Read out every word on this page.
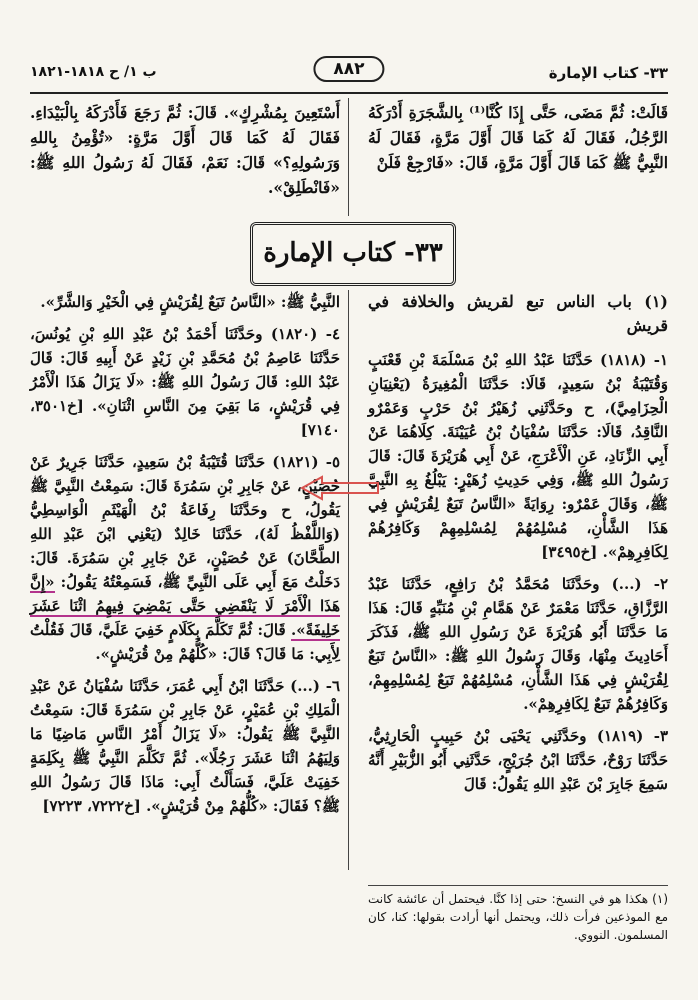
٣٣- كتاب الإمارة
٨٨٢
ب ١/ ح ١٨١٨-١٨٢١
قَالَتْ: ثُمَّ مَضَى، حَتَّى إِذَا كُنَّا⁽¹⁾ بِالشَّجَرَةِ أَدْرَكَهُ الرَّجُلُ، فَقَالَ لَهُ كَمَا قَالَ أَوَّلَ مَرَّةٍ، فَقَالَ لَهُ النَّبِيُّ ﷺ كَمَا قَالَ أَوَّلَ مَرَّةٍ، قَالَ: «فَارْجِعْ فَلَنْ
أَسْتَعِينَ بِمُشْرِكٍ». قَالَ: ثُمَّ رَجَعَ فَأَدْرَكَهُ بِالْبَيْدَاءِ. فَقَالَ لَهُ كَمَا قَالَ أَوَّلَ مَرَّةٍ: «تُؤْمِنُ بِاللهِ وَرَسُولِهِ؟» قَالَ: نَعَمْ، فَقَالَ لَهُ رَسُولُ اللهِ ﷺ: «فَانْطَلِقْ».
٣٣- كتاب الإمارة

(١) باب الناس تبع لقريش والخلافة في قريش

١- (١٨١٨) حَدَّثَنَا عَبْدُ اللهِ بْنُ مَسْلَمَةَ بْنِ قَعْنَبٍ وَقُتَيْبَةُ بْنُ سَعِيدٍ، قَالَا: حَدَّثَنَا الْمُغِيرَةُ (يَعْنِيَانِ الْحِزَامِيَّ)، ح وحَدَّثَنِي زُهَيْرُ بْنُ حَرْبٍ وَعَمْرٌو النَّاقِدُ، قَالَا: حَدَّثَنَا سُفْيَانُ بْنُ عُيَيْنَةَ. كِلَاهُمَا عَنْ أَبِي الزِّنَادِ، عَنِ الْأَعْرَجِ، عَنْ أَبِي هُرَيْرَةَ قَالَ: قَالَ رَسُولُ اللهِ ﷺ، وَفِي حَدِيثِ زُهَيْرٍ: يَبْلُغُ بِهِ النَّبِيَّ ﷺ، وَقَالَ عَمْرٌو: رِوَايَةً «النَّاسُ تَبَعٌ لِقُرَيْشٍ فِي هَذَا الشَّأْنِ، مُسْلِمُهُمْ لِمُسْلِمِهِمْ وَكَافِرُهُمْ لِكَافِرِهِمْ». [خ٣٤٩٥]

٢- (...) وحَدَّثَنَا مُحَمَّدُ بْنُ رَافِعٍ، حَدَّثَنَا عَبْدُ الرَّزَّاقِ، حَدَّثَنَا مَعْمَرٌ عَنْ هَمَّامِ بْنِ مُنَبِّهٍ قَالَ: هَذَا مَا حَدَّثَنَا أَبُو هُرَيْرَةَ عَنْ رَسُولِ اللهِ ﷺ، فَذَكَرَ أَحَادِيثَ مِنْهَا، وَقَالَ رَسُولُ اللهِ ﷺ: «النَّاسُ تَبَعٌ لِقُرَيْشٍ فِي هَذَا الشَّأْنِ، مُسْلِمُهُمْ تَبَعٌ لِمُسْلِمِهِمْ، وَكَافِرُهُمْ تَبَعٌ لِكَافِرِهِمْ».

٣- (١٨١٩) وحَدَّثَنِي يَحْيَى بْنُ حَبِيبٍ الْحَارِثِيُّ، حَدَّثَنَا رَوْحٌ، حَدَّثَنَا ابْنُ جُرَيْجٍ، حَدَّثَنِي أَبُو الزُّبَيْرِ أَنَّهُ سَمِعَ جَابِرَ بْنَ عَبْدِ اللهِ يَقُولُ: قَالَ

النَّبِيُّ ﷺ: «النَّاسُ تَبَعٌ لِقُرَيْشٍ فِي الْخَيْرِ وَالشَّرِّ».

٤- (١٨٢٠) وحَدَّثَنَا أَحْمَدُ بْنُ عَبْدِ اللهِ بْنِ يُونُسَ، حَدَّثَنَا عَاصِمُ بْنُ مُحَمَّدِ بْنِ زَيْدٍ عَنْ أَبِيهِ قَالَ: قَالَ عَبْدُ اللهِ: قَالَ رَسُولُ اللهِ ﷺ: «لَا يَزَالُ هَذَا الْأَمْرُ فِي قُرَيْشٍ، مَا بَقِيَ مِنَ النَّاسِ اثْنَانِ». [خ٣٥٠١، ٧١٤٠]

٥- (١٨٢١) حَدَّثَنَا قُتَيْبَةُ بْنُ سَعِيدٍ، حَدَّثَنَا جَرِيرٌ عَنْ حُصَيْنٍ، عَنْ جَابِرِ بْنِ سَمُرَةَ قَالَ: سَمِعْتُ النَّبِيَّ ﷺ يَقُولُ، ح وحَدَّثَنَا رِفَاعَةُ بْنُ الْهَيْثَمِ الْوَاسِطِيُّ (وَاللَّفْظُ لَهُ)، حَدَّثَنَا خَالِدٌ (يَعْنِي ابْنَ عَبْدِ اللهِ الطَّحَّانَ) عَنْ حُصَيْنٍ، عَنْ جَابِرِ بْنِ سَمُرَةَ. قَالَ: دَخَلْتُ مَعَ أَبِي عَلَى النَّبِيِّ ﷺ، فَسَمِعْتُهُ يَقُولُ: «إِنَّ هَذَا الْأَمْرَ لَا يَنْقَضِي حَتَّى يَمْضِيَ فِيهِمُ اثْنَا عَشَرَ خَلِيفَةً». قَالَ: ثُمَّ تَكَلَّمَ بِكَلَامٍ خَفِيَ عَلَيَّ، قَالَ فَقُلْتُ لِأَبِي: مَا قَالَ؟ قَالَ: «كُلُّهُمْ مِنْ قُرَيْشٍ».

٦- (...) حَدَّثَنَا ابْنُ أَبِي عُمَرَ، حَدَّثَنَا سُفْيَانُ عَنْ عَبْدِ الْمَلِكِ بْنِ عُمَيْرٍ، عَنْ جَابِرِ بْنِ سَمُرَةَ قَالَ: سَمِعْتُ النَّبِيَّ ﷺ يَقُولُ: «لَا يَزَالُ أَمْرُ النَّاسِ مَاضِيًا مَا وَلِيَهُمُ اثْنَا عَشَرَ رَجُلًا». ثُمَّ تَكَلَّمَ النَّبِيُّ ﷺ بِكَلِمَةٍ خَفِيَتْ عَلَيَّ، فَسَأَلْتُ أَبِي: مَاذَا قَالَ رَسُولُ اللهِ ﷺ؟ فَقَالَ: «كُلُّهُمْ مِنْ قُرَيْشٍ». [خ٧٢٢٢، ٧٢٢٣]

(١) هكذا هو في النسخ: حتى إذا كنَّا. فيحتمل أن عائشة كانت مع الموذعين فرأت ذلك، ويحتمل أنها أرادت بقولها: كنا، كان المسلمون. النووي.
